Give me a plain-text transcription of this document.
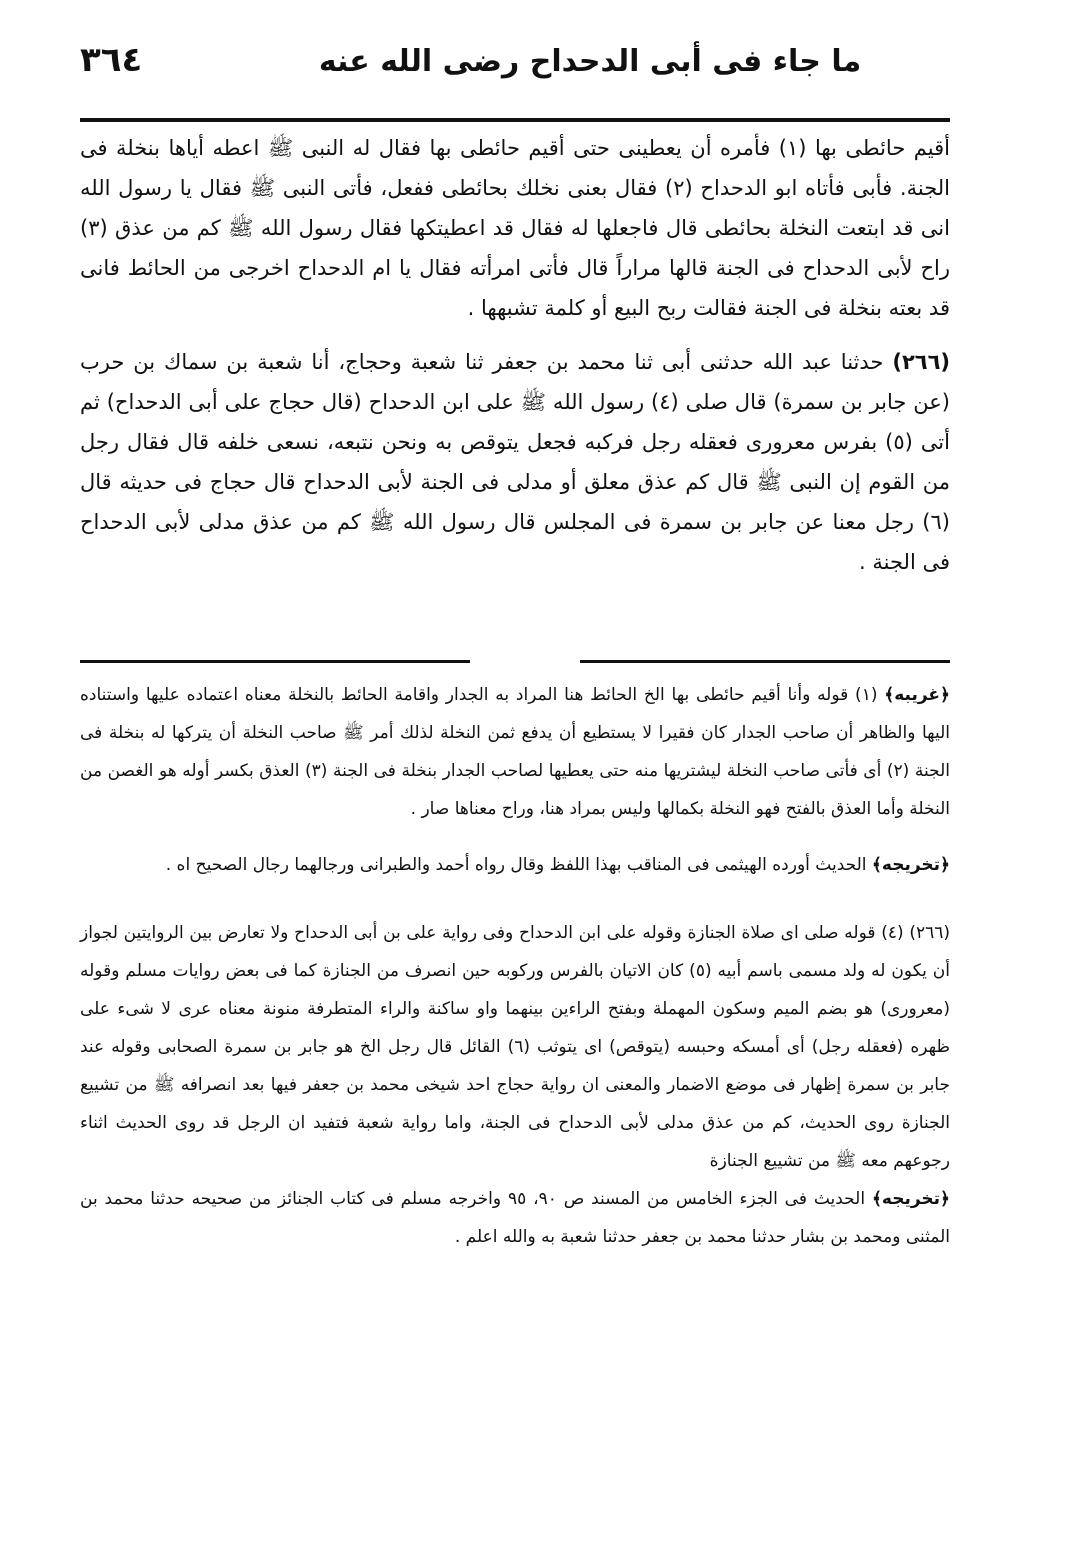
٣٦٤	ما جاء فى أبى الدحداح رضى الله عنه

أقيم حائطى بها (١) فأمره أن يعطينى حتى أقيم حائطى بها فقال له النبى ﷺ اعطه أياها بنخلة فى الجنة. فأبى فأتاه ابو الدحداح (٢) فقال بعنى نخلك بحائطى ففعل، فأتى النبى ﷺ فقال يا رسول الله انى قد ابتعت النخلة بحائطى قال فاجعلها له فقال قد اعطيتكها فقال رسول الله ﷺ كم من عذق (٣) راح لأبى الدحداح فى الجنة قالها مراراً قال فأتى امرأته فقال يا ام الدحداح اخرجى من الحائط فانى قد بعته بنخلة فى الجنة فقالت ربح البيع أو كلمة تشبهها .

(٢٦٦) حدثنا عبد الله حدثنى أبى ثنا محمد بن جعفر ثنا شعبة وحجاج، أنا شعبة بن سماك بن حرب (عن جابر بن سمرة) قال صلى (٤) رسول الله ﷺ على ابن الدحداح (قال حجاج على أبى الدحداح) ثم أتى (٥) بفرس معرورى فعقله رجل فركبه فجعل يتوقص به ونحن نتبعه، نسعى خلفه قال فقال رجل من القوم إن النبى ﷺ قال كم عذق معلق أو مدلى فى الجنة لأبى الدحداح قال حجاج فى حديثه قال (٦) رجل معنا عن جابر بن سمرة فى المجلس قال رسول الله ﷺ كم من عذق مدلى لأبى الدحداح فى الجنة .

﴿غريبه﴾ (١) قوله وأنا أقيم حائطى بها الخ الحائط هنا المراد به الجدار واقامة الحائط بالنخلة معناه اعتماده عليها واستناده اليها والظاهر أن صاحب الجدار كان فقيرا لا يستطيع أن يدفع ثمن النخلة لذلك أمر ﷺ صاحب النخلة أن يتركها له بنخلة فى الجنة (٢) أى فأتى صاحب النخلة ليشتريها منه حتى يعطيها لصاحب الجدار بنخلة فى الجنة (٣) العذق بكسر أوله هو الغصن من النخلة وأما العذق بالفتح فهو النخلة بكمالها وليس بمراد هنا، وراح معناها صار .

﴿تخريجه﴾ الحديث أورده الهيثمى فى المناقب بهذا اللفظ وقال رواه أحمد والطبرانى ورجالهما رجال الصحيح اه .

(٢٦٦) (٤) قوله صلى اى صلاة الجنازة وقوله على ابن الدحداح وفى رواية على بن أبى الدحداح ولا تعارض بين الروايتين لجواز أن يكون له ولد مسمى باسم أبيه (٥) كان الاتيان بالفرس وركوبه حين انصرف من الجنازة كما فى بعض روايات مسلم وقوله (معرورى) هو بضم الميم وسكون المهملة وبفتح الراءين بينهما واو ساكنة والراء المتطرفة منونة معناه عرى لا شىء على ظهره (فعقله رجل) أى أمسكه وحبسه (يتوقص) اى يتوثب (٦) القائل قال رجل الخ هو جابر بن سمرة الصحابى وقوله عند جابر بن سمرة إظهار فى موضع الاضمار والمعنى ان رواية حجاج احد شيخى محمد بن جعفر فيها بعد انصرافه ﷺ من تشييع الجنازة روى الحديث، كم من عذق مدلى لأبى الدحداح فى الجنة، واما رواية شعبة فتفيد ان الرجل قد روى الحديث اثناء رجوعهم معه ﷺ من تشييع الجنازة

﴿تخريجه﴾ الحديث فى الجزء الخامس من المسند ص ٩٠، ٩٥ واخرجه مسلم فى كتاب الجنائز من صحيحه حدثنا محمد بن المثنى ومحمد بن بشار حدثنا محمد بن جعفر حدثنا شعبة به والله اعلم .
